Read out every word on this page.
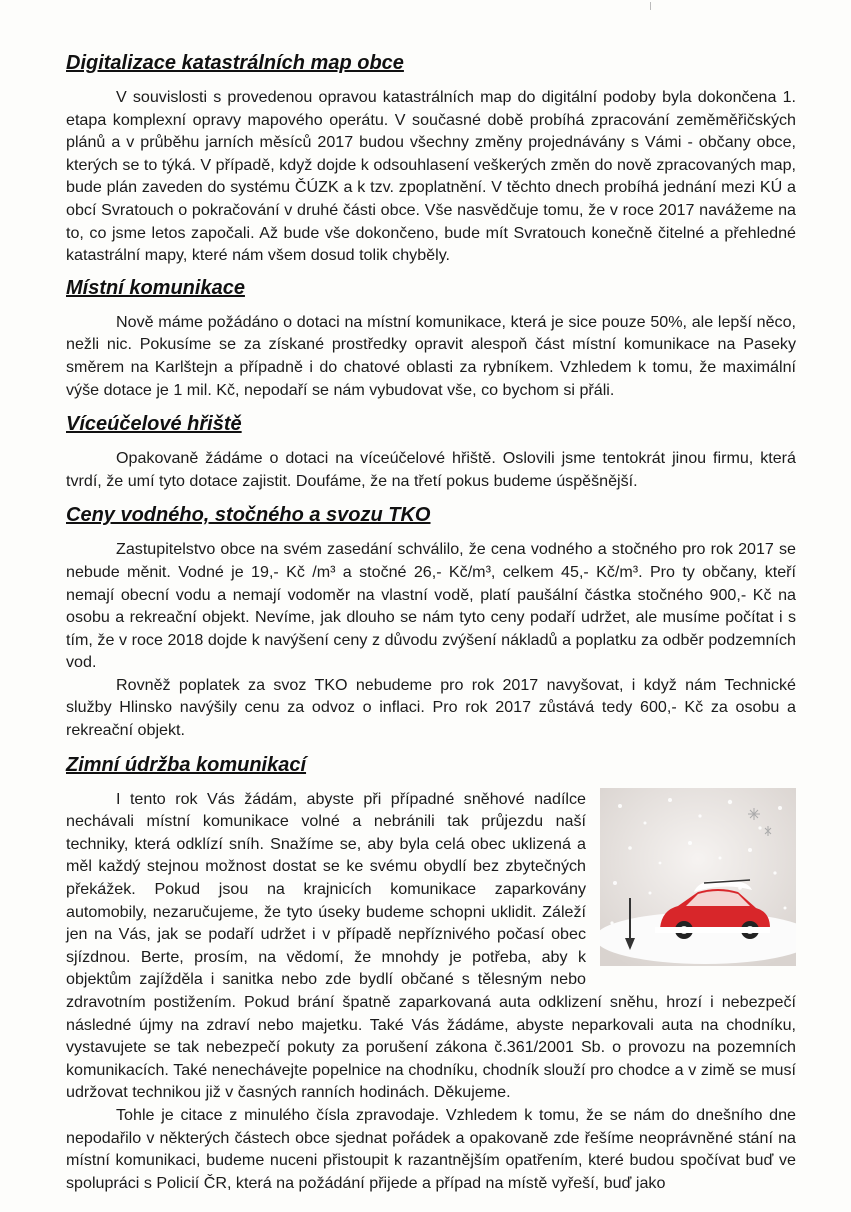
Digitalizace katastrálních map obce

V souvislosti s provedenou opravou katastrálních map do digitální podoby byla dokončena 1. etapa komplexní opravy mapového operátu. V současné době probíhá zpracování zeměměřičských plánů a v průběhu jarních měsíců 2017 budou všechny změny projednávány s Vámi - občany obce, kterých se to týká. V případě, když dojde k odsouhlasení veškerých změn do nově zpracovaných map, bude plán zaveden do systému ČÚZK a k tzv. zpoplatnění. V těchto dnech probíhá jednání mezi KÚ a obcí Svratouch o pokračování v druhé části obce. Vše nasvědčuje tomu, že v roce 2017 navážeme na to, co jsme letos započali. Až bude vše dokončeno, bude mít Svratouch konečně čitelné a přehledné katastrální mapy, které nám všem dosud tolik chyběly.

Místní komunikace

Nově máme požádáno o dotaci na místní komunikace, která je sice pouze 50%, ale lepší něco, nežli nic. Pokusíme se za získané prostředky opravit alespoň část místní komunikace na Paseky směrem na Karlštejn a případně i do chatové oblasti za rybníkem. Vzhledem k tomu, že maximální výše dotace je 1 mil. Kč, nepodaří se nám vybudovat vše, co bychom si přáli.

Víceúčelové hřiště

Opakovaně žádáme o dotaci na víceúčelové hřiště. Oslovili jsme tentokrát jinou firmu, která tvrdí, že umí tyto dotace zajistit. Doufáme, že na třetí pokus budeme úspěšnější.

Ceny vodného, stočného a svozu TKO

Zastupitelstvo obce na svém zasedání schválilo, že cena vodného a stočného pro rok 2017 se nebude měnit. Vodné je 19,- Kč /m³ a stočné 26,- Kč/m³, celkem 45,- Kč/m³. Pro ty občany, kteří nemají obecní vodu a nemají vodoměr na vlastní vodě, platí paušální částka stočného 900,- Kč na osobu a rekreační objekt. Nevíme, jak dlouho se nám tyto ceny podaří udržet, ale musíme počítat i s tím, že v roce 2018 dojde k navýšení ceny z důvodu zvýšení nákladů a poplatku za odběr podzemních vod.

Rovněž poplatek za svoz TKO nebudeme pro rok 2017 navyšovat, i když nám Technické služby Hlinsko navýšily cenu za odvoz o inflaci. Pro rok 2017 zůstává tedy 600,- Kč za osobu a rekreační objekt.

Zimní údržba komunikací

I tento rok Vás žádám, abyste při případné sněhové nadílce nechávali místní komunikace volné a nebránili tak průjezdu naší techniky, která odklízí sníh. Snažíme se, aby byla celá obec uklizená a měl každý stejnou možnost dostat se ke svému obydlí bez zbytečných překážek. Pokud jsou na krajnicích komunikace zaparkovány automobily, nezaručujeme, že tyto úseky budeme schopni uklidit. Záleží jen na Vás, jak se podaří udržet i v případě nepříznivého počasí obec sjízdnou. Berte, prosím, na vědomí, že mnohdy je potřeba, aby k objektům zajížděla i sanitka nebo zde bydlí občané s tělesným nebo zdravotním postižením. Pokud brání špatně zaparkovaná auta odklizení sněhu, hrozí i nebezpečí následné újmy na zdraví nebo majetku. Také Vás žádáme, abyste neparkovali auta na chodníku, vystavujete se tak nebezpečí pokuty za porušení zákona č.361/2001 Sb. o provozu na pozemních komunikacích. Také nenechávejte popelnice na chodníku, chodník slouží pro chodce a v zimě se musí udržovat technikou již v časných ranních hodinách. Děkujeme.

Tohle je citace z minulého čísla zpravodaje. Vzhledem k tomu, že se nám do dnešního dne nepodařilo v některých částech obce sjednat pořádek a opakovaně zde řešíme neoprávněné stání na místní komunikaci, budeme nuceni přistoupit k razantnějším opatřením, které budou spočívat buď ve spolupráci s Policií ČR, která na požádání přijede a případ na místě vyřeší, buď jako
